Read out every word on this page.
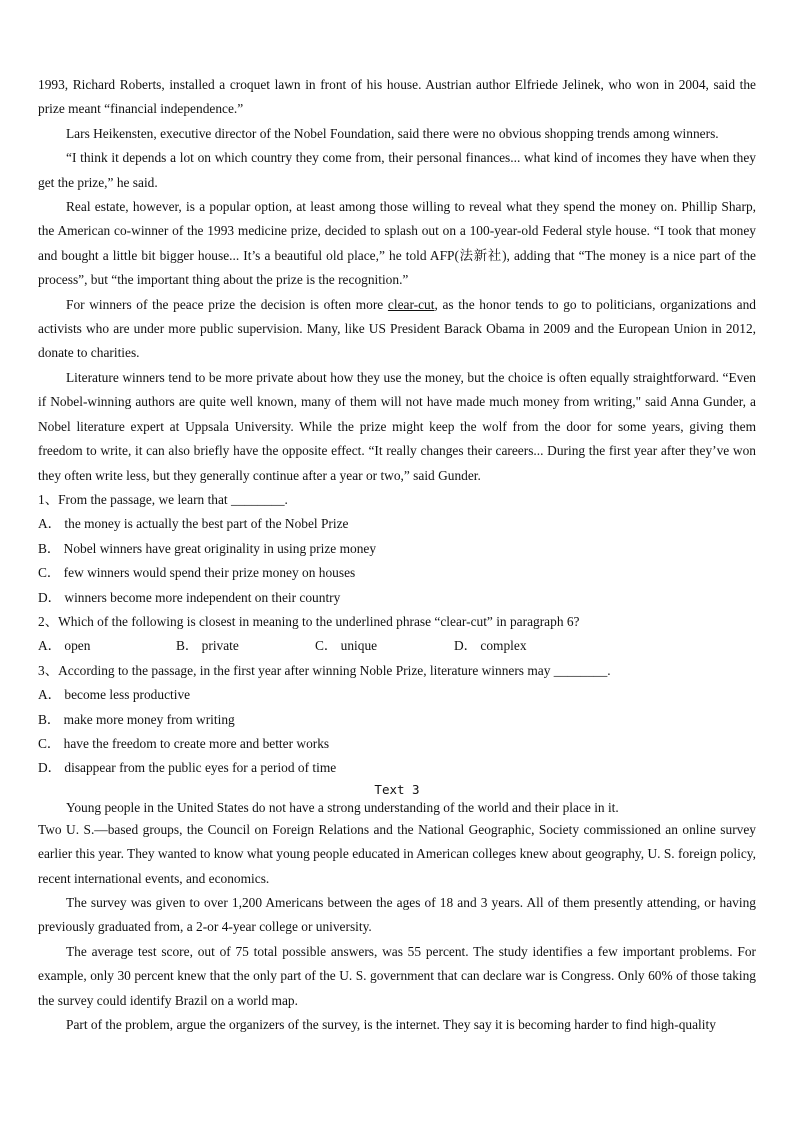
1993, Richard Roberts, installed a croquet lawn in front of his house. Austrian author Elfriede Jelinek, who won in 2004, said the prize meant “financial independence.”

Lars Heikensten, executive director of the Nobel Foundation, said there were no obvious shopping trends among winners.

“I think it depends a lot on which country they come from, their personal finances... what kind of incomes they have when they get the prize,” he said.

Real estate, however, is a popular option, at least among those willing to reveal what they spend the money on. Phillip Sharp, the American co-winner of the 1993 medicine prize, decided to splash out on a 100-year-old Federal style house. “I took that money and bought a little bit bigger house... It’s a beautiful old place,” he told AFP(法新社), adding that “The money is a nice part of the process”, but “the important thing about the prize is the recognition.”

For winners of the peace prize the decision is often more clear-cut, as the honor tends to go to politicians, organizations and activists who are under more public supervision. Many, like US President Barack Obama in 2009 and the European Union in 2012, donate to charities.

Literature winners tend to be more private about how they use the money, but the choice is often equally straightforward. “Even if Nobel-winning authors are quite well known, many of them will not have made much money from writing," said Anna Gunder, a Nobel literature expert at Uppsala University. While the prize might keep the wolf from the door for some years, giving them freedom to write, it can also briefly have the opposite effect. “It really changes their careers... During the first year after they’ve won they often write less, but they generally continue after a year or two,” said Gunder.

1、From the passage, we learn that ________.

A． the money is actually the best part of the Nobel Prize

B． Nobel winners have great originality in using prize money

C． few winners would spend their prize money on houses

D． winners become more independent on their country

2、Which of the following is closest in meaning to the underlined phrase “clear-cut” in paragraph 6?

A． open	B． private	C． unique	D． complex

3、According to the passage, in the first year after winning Noble Prize, literature winners may ________.

A． become less productive

B． make more money from writing

C． have the freedom to create more and better works

D． disappear from the public eyes for a period of time

Text 3

Young people in the United States do not have a strong understanding of the world and their place in it.

Two U. S.—based groups, the Council on Foreign Relations and the National Geographic, Society commissioned an online survey earlier this year. They wanted to know what young people educated in American colleges knew about geography, U. S. foreign policy, recent international events, and economics.

The survey was given to over 1,200 Americans between the ages of 18 and 3 years. All of them presently attending, or having previously graduated from, a 2-or 4-year college or university.

The average test score, out of 75 total possible answers, was 55 percent. The study identifies a few important problems. For example, only 30 percent knew that the only part of the U. S. government that can declare war is Congress. Only 60% of those taking the survey could identify Brazil on a world map.

Part of the problem, argue the organizers of the survey, is the internet. They say it is becoming harder to find high-quality
